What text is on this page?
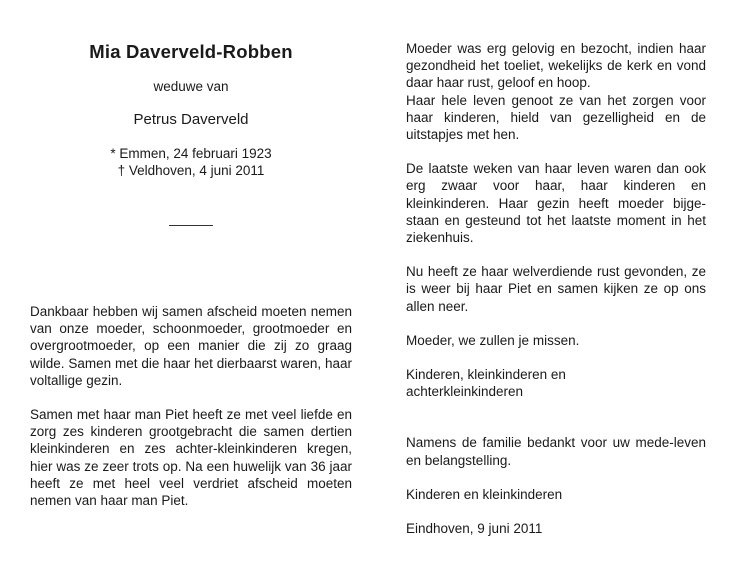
Mia Daverveld-Robben
weduwe van
Petrus Daverveld
* Emmen, 24 februari 1923
† Veldhoven, 4 juni 2011

Dankbaar hebben wij samen afscheid moeten nemen van onze moeder, schoonmoeder, grootmoeder en overgrootmoeder, op een manier die zij zo graag wilde. Samen met die haar het dierbaarst waren, haar voltallige gezin.

Samen met haar man Piet heeft ze met veel liefde en zorg zes kinderen grootgebracht die samen dertien kleinkinderen en zes achter-kleinkinderen kregen, hier was ze zeer trots op. Na een huwelijk van 36 jaar heeft ze met heel veel verdriet afscheid moeten nemen van haar man Piet.

Moeder was erg gelovig en bezocht, indien haar gezondheid het toeliet, wekelijks de kerk en vond daar haar rust, geloof en hoop.

Haar hele leven genoot ze van het zorgen voor haar kinderen, hield van gezelligheid en de uitstapjes met hen.

De laatste weken van haar leven waren dan ook erg zwaar voor haar, haar kinderen en kleinkinderen. Haar gezin heeft moeder bijge-staan en gesteund tot het laatste moment in het ziekenhuis.

Nu heeft ze haar welverdiende rust gevonden, ze is weer bij haar Piet en samen kijken ze op ons allen neer.

Moeder, we zullen je missen.

Kinderen, kleinkinderen en

achterkleinkinderen

Namens de familie bedankt voor uw mede-leven en belangstelling.

Kinderen en kleinkinderen

Eindhoven, 9 juni 2011
